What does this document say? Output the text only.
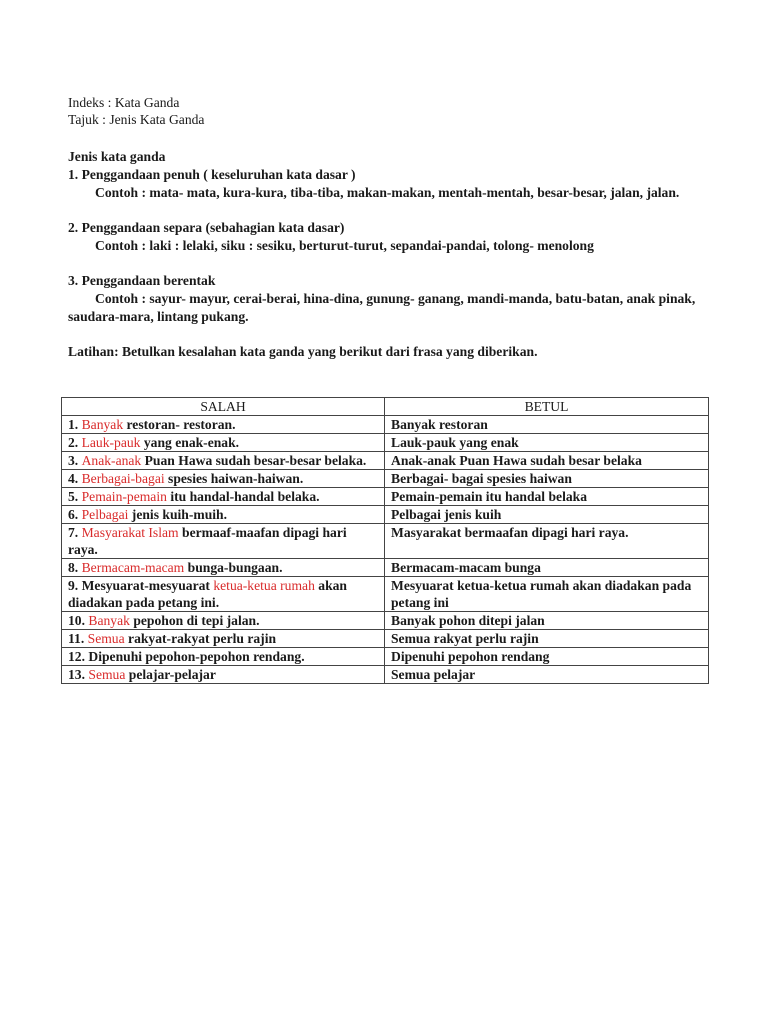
Indeks : Kata Ganda
Tajuk : Jenis Kata Ganda

Jenis kata ganda

1. Penggandaan penuh ( keseluruhan kata dasar )

Contoh : mata- mata, kura-kura, tiba-tiba, makan-makan, mentah-mentah, besar-besar, jalan, jalan.

2. Penggandaan separa (sebahagian kata dasar)

Contoh : laki : lelaki, siku : sesiku, berturut-turut, sepandai-pandai, tolong- menolong

3. Penggandaan berentak

Contoh : sayur- mayur, cerai-berai, hina-dina, gunung- ganang, mandi-manda, batu-batan, anak pinak, saudara-mara, lintang pukang.

Latihan: Betulkan kesalahan kata ganda yang berikut dari frasa yang diberikan.

SALAH	BETUL
1. Banyak restoran- restoran.	Banyak restoran
2. Lauk-pauk yang enak-enak.	Lauk-pauk yang enak
3. Anak-anak Puan Hawa sudah besar-besar belaka.	Anak-anak Puan Hawa sudah besar belaka
4. Berbagai-bagai spesies haiwan-haiwan.	Berbagai- bagai spesies haiwan
5. Pemain-pemain itu handal-handal belaka.	Pemain-pemain itu handal belaka
6. Pelbagai jenis kuih-muih.	Pelbagai jenis kuih
7. Masyarakat Islam bermaaf-maafan dipagi hari raya.	Masyarakat bermaafan dipagi hari raya.
8. Bermacam-macam bunga-bungaan.	Bermacam-macam bunga
9. Mesyuarat-mesyuarat ketua-ketua rumah akan diadakan pada petang ini.	Mesyuarat ketua-ketua rumah akan diadakan pada petang ini
10. Banyak pepohon di tepi jalan.	Banyak pohon ditepi jalan
11. Semua rakyat-rakyat perlu rajin	Semua rakyat perlu rajin
12. Dipenuhi pepohon-pepohon rendang.	Dipenuhi pepohon rendang
13. Semua pelajar-pelajar	Semua pelajar
